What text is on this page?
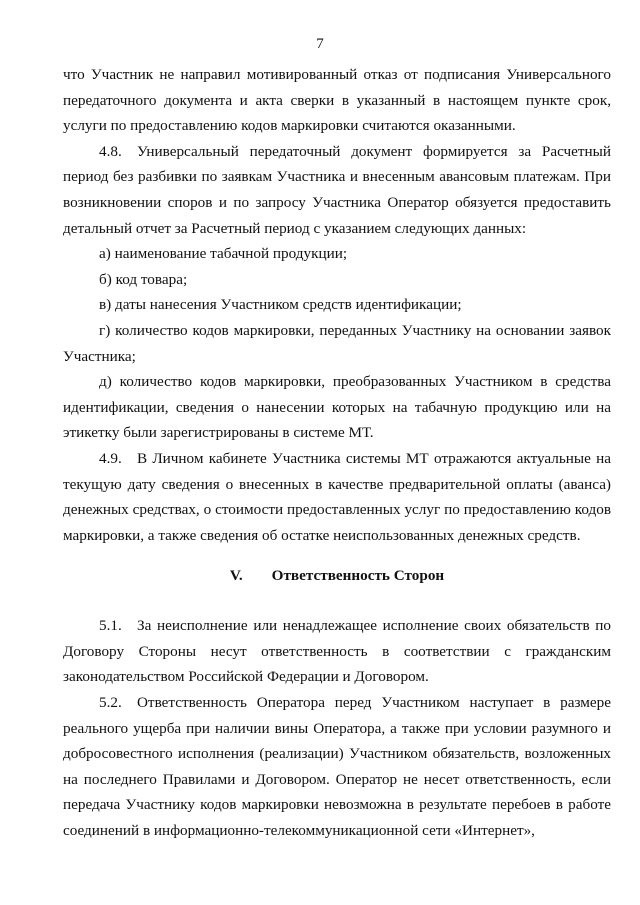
7

что Участник не направил мотивированный отказ от подписания Универсального передаточного документа и акта сверки в указанный в настоящем пункте срок, услуги по предоставлению кодов маркировки считаются оказанными.

4.8. Универсальный передаточный документ формируется за Расчетный период без разбивки по заявкам Участника и внесенным авансовым платежам. При возникновении споров и по запросу Участника Оператор обязуется предоставить детальный отчет за Расчетный период с указанием следующих данных:

а) наименование табачной продукции;

б) код товара;

в) даты нанесения Участником средств идентификации;

г) количество кодов маркировки, переданных Участнику на основании заявок Участника;

д) количество кодов маркировки, преобразованных Участником в средства идентификации, сведения о нанесении которых на табачную продукцию или на этикетку были зарегистрированы в системе МТ.

4.9. В Личном кабинете Участника системы МТ отражаются актуальные на текущую дату сведения о внесенных в качестве предварительной оплаты (аванса) денежных средствах, о стоимости предоставленных услуг по предоставлению кодов маркировки, а также сведения об остатке неиспользованных денежных средств.

V. Ответственность Сторон

5.1. За неисполнение или ненадлежащее исполнение своих обязательств по Договору Стороны несут ответственность в соответствии с гражданским законодательством Российской Федерации и Договором.

5.2. Ответственность Оператора перед Участником наступает в размере реального ущерба при наличии вины Оператора, а также при условии разумного и добросовестного исполнения (реализации) Участником обязательств, возложенных на последнего Правилами и Договором. Оператор не несет ответственность, если передача Участнику кодов маркировки невозможна в результате перебоев в работе соединений в информационно-телекоммуникационной сети «Интернет»,
